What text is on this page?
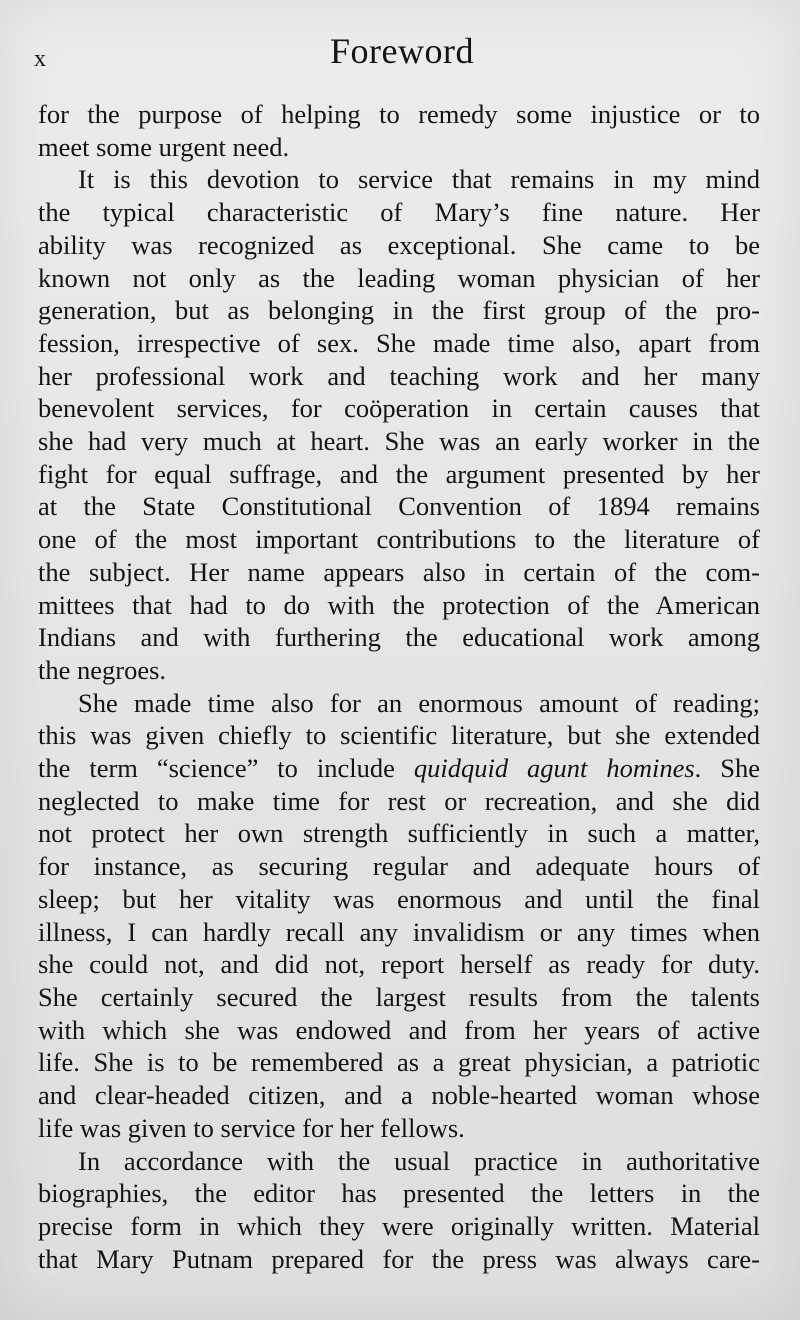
x	Foreword

for the purpose of helping to remedy some injustice or to
meet some urgent need.

It is this devotion to service that remains in my mind
the typical characteristic of Mary’s fine nature. Her
ability was recognized as exceptional. She came to be
known not only as the leading woman physician of her
generation, but as belonging in the first group of the pro-
fession, irrespective of sex. She made time also, apart from
her professional work and teaching work and her many
benevolent services, for coöperation in certain causes that
she had very much at heart. She was an early worker in the
fight for equal suffrage, and the argument presented by her
at the State Constitutional Convention of 1894 remains
one of the most important contributions to the literature of
the subject. Her name appears also in certain of the com-
mittees that had to do with the protection of the American
Indians and with furthering the educational work among
the negroes.

She made time also for an enormous amount of reading;
this was given chiefly to scientific literature, but she extended
the term “science” to include quidquid agunt homines. She
neglected to make time for rest or recreation, and she did
not protect her own strength sufficiently in such a matter,
for instance, as securing regular and adequate hours of
sleep; but her vitality was enormous and until the final
illness, I can hardly recall any invalidism or any times when
she could not, and did not, report herself as ready for duty.
She certainly secured the largest results from the talents
with which she was endowed and from her years of active
life. She is to be remembered as a great physician, a patriotic
and clear-headed citizen, and a noble-hearted woman whose
life was given to service for her fellows.

In accordance with the usual practice in authoritative
biographies, the editor has presented the letters in the
precise form in which they were originally written. Material
that Mary Putnam prepared for the press was always care-
